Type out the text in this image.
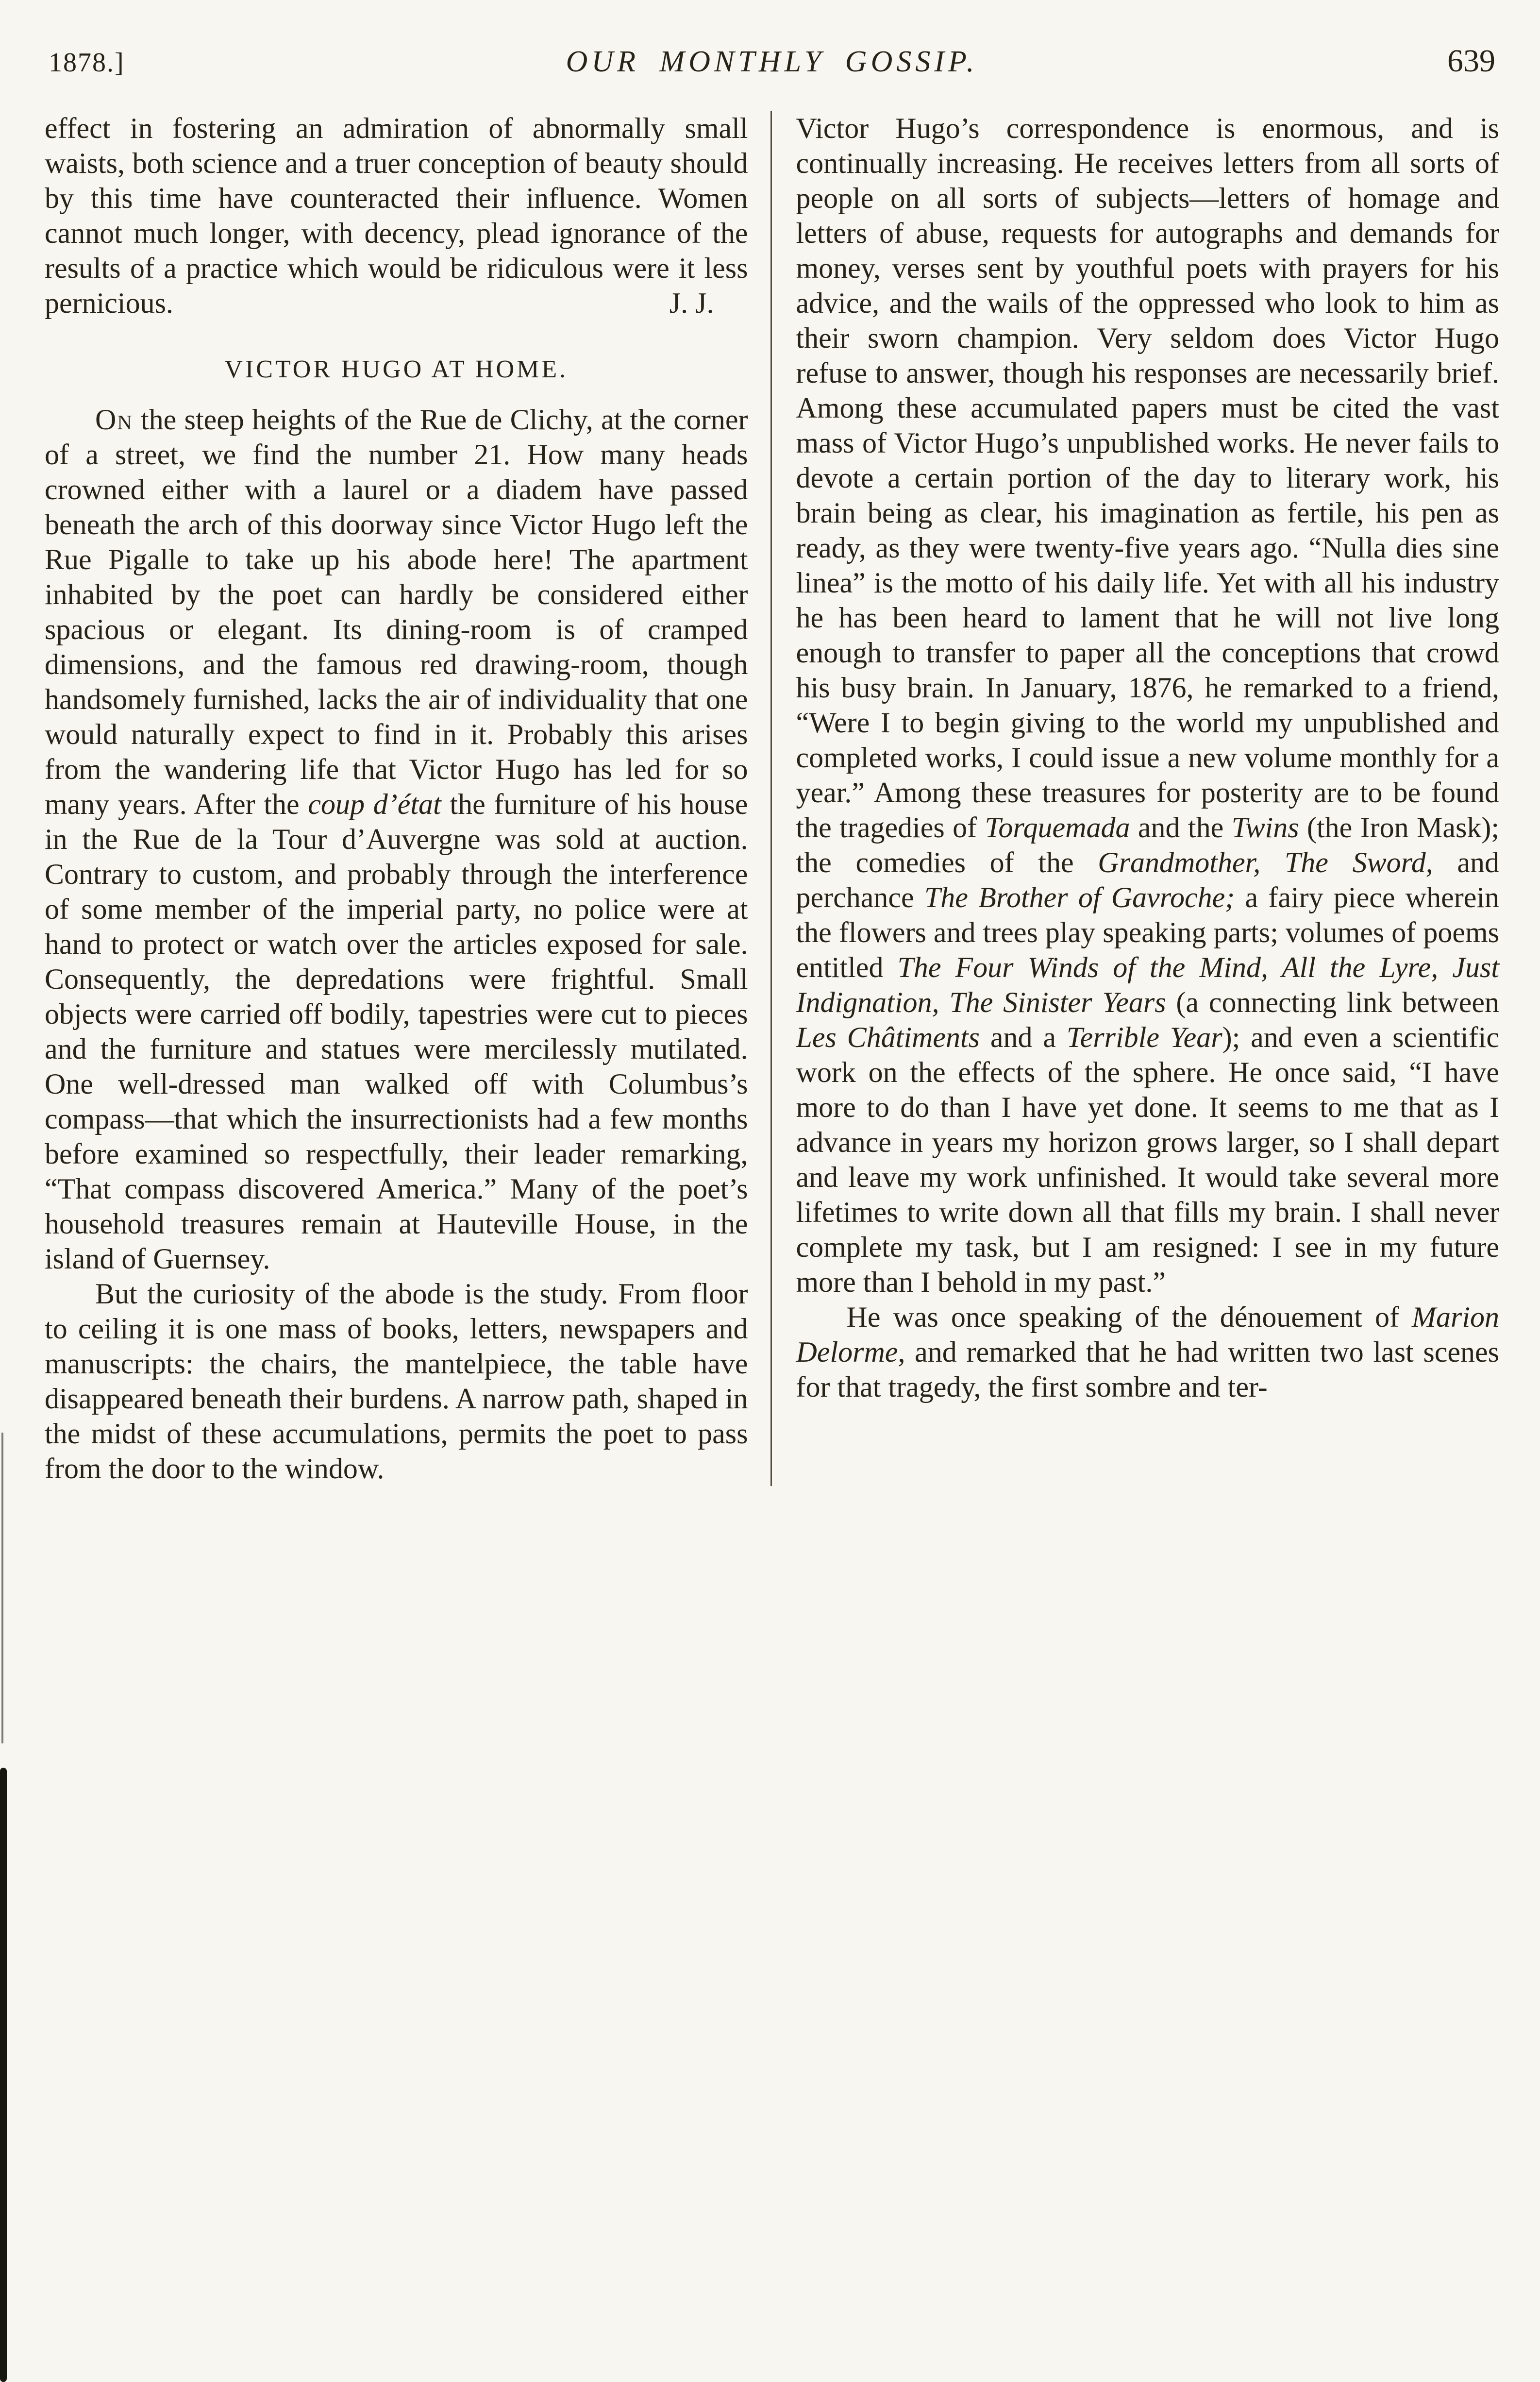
1878.]	OUR MONTHLY GOSSIP.	639

effect in fostering an admiration of abnormally small waists, both science and a truer conception of beauty should by this time have counteracted their influence. Women cannot much longer, with decency, plead ignorance of the results of a practice which would be ridiculous were it less pernicious.	J. J.

VICTOR HUGO AT HOME.

On the steep heights of the Rue de Clichy, at the corner of a street, we find the number 21. How many heads crowned either with a laurel or a diadem have passed beneath the arch of this doorway since Victor Hugo left the Rue Pigalle to take up his abode here! The apartment inhabited by the poet can hardly be considered either spacious or elegant. Its dining-room is of cramped dimensions, and the famous red drawing-room, though handsomely furnished, lacks the air of individuality that one would naturally expect to find in it. Probably this arises from the wandering life that Victor Hugo has led for so many years. After the coup d’état the furniture of his house in the Rue de la Tour d’Auvergne was sold at auction. Contrary to custom, and probably through the interference of some member of the imperial party, no police were at hand to protect or watch over the articles exposed for sale. Consequently, the depredations were frightful. Small objects were carried off bodily, tapestries were cut to pieces and the furniture and statues were mercilessly mutilated. One well-dressed man walked off with Columbus’s compass—that which the insurrectionists had a few months before examined so respectfully, their leader remarking, “That compass discovered America.” Many of the poet’s household treasures remain at Hauteville House, in the island of Guernsey.

But the curiosity of the abode is the study. From floor to ceiling it is one mass of books, letters, newspapers and manuscripts: the chairs, the mantelpiece, the table have disappeared beneath their burdens. A narrow path, shaped in the midst of these accumulations, permits the poet to pass from the door to the window.

Victor Hugo’s correspondence is enormous, and is continually increasing. He receives letters from all sorts of people on all sorts of subjects—letters of homage and letters of abuse, requests for autographs and demands for money, verses sent by youthful poets with prayers for his advice, and the wails of the oppressed who look to him as their sworn champion. Very seldom does Victor Hugo refuse to answer, though his responses are necessarily brief. Among these accumulated papers must be cited the vast mass of Victor Hugo’s unpublished works. He never fails to devote a certain portion of the day to literary work, his brain being as clear, his imagination as fertile, his pen as ready, as they were twenty-five years ago. “Nulla dies sine linea” is the motto of his daily life. Yet with all his industry he has been heard to lament that he will not live long enough to transfer to paper all the conceptions that crowd his busy brain. In January, 1876, he remarked to a friend, “Were I to begin giving to the world my unpublished and completed works, I could issue a new volume monthly for a year.” Among these treasures for posterity are to be found the tragedies of Torquemada and the Twins (the Iron Mask); the comedies of the Grandmother, The Sword, and perchance The Brother of Gavroche; a fairy piece wherein the flowers and trees play speaking parts; volumes of poems entitled The Four Winds of the Mind, All the Lyre, Just Indignation, The Sinister Years (a connecting link between Les Châtiments and a Terrible Year); and even a scientific work on the effects of the sphere. He once said, “I have more to do than I have yet done. It seems to me that as I advance in years my horizon grows larger, so I shall depart and leave my work unfinished. It would take several more lifetimes to write down all that fills my brain. I shall never complete my task, but I am resigned: I see in my future more than I behold in my past.”

He was once speaking of the dénouement of Marion Delorme, and remarked that he had written two last scenes for that tragedy, the first sombre and ter-
